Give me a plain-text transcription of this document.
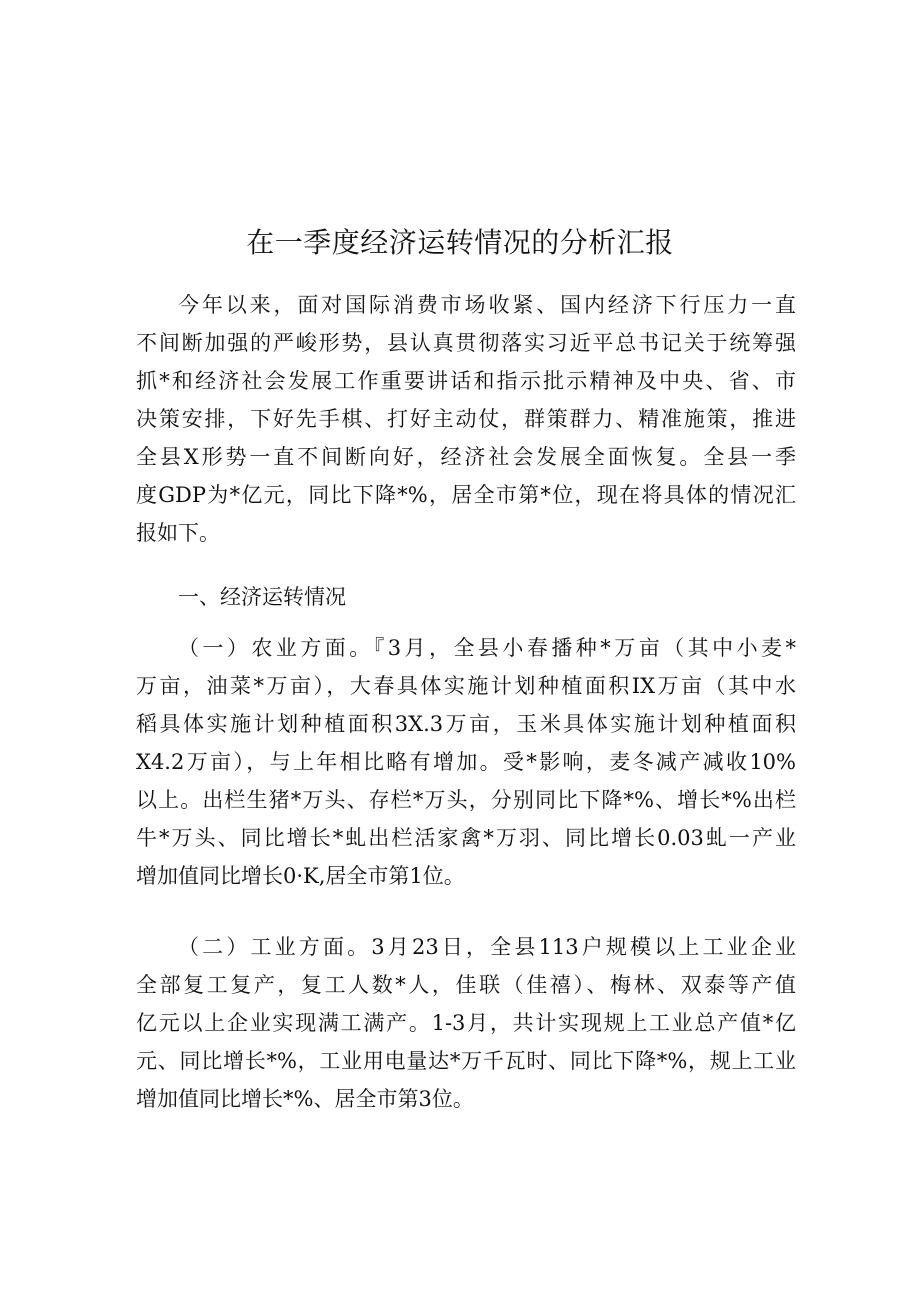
在一季度经济运转情况的分析汇报
今年以来，面对国际消费市场收紧、国内经济下行压力一直
不间断加强的严峻形势，县认真贯彻落实习近平总书记关于统筹强
抓*和经济社会发展工作重要讲话和指示批示精神及中央、省、市
决策安排，下好先手棋、打好主动仗，群策群力、精准施策，推进
全县X形势一直不间断向好，经济社会发展全面恢复。全县一季
度GDP为*亿元，同比下降*%，居全市第*位，现在将具体的情况汇
报如下。
一、经济运转情况
（一）农业方面。『3月，全县小春播种*万亩（其中小麦*
万亩，油菜*万亩），大春具体实施计划种植面积IX万亩（其中水
稻具体实施计划种植面积3X.3万亩，玉米具体实施计划种植面积
X4.2万亩），与上年相比略有增加。受*影响，麦冬减产减收10%
以上。出栏生猪*万头、存栏*万头，分别同比下降*%、增长*%出栏
牛*万头、同比增长*虬出栏活家禽*万羽、同比增长0.03虬一产业
增加值同比增长0·K,居全市第1位。
（二）工业方面。3月23日，全县113户规模以上工业企业
全部复工复产，复工人数*人，佳联（佳禧）、梅林、双泰等产值
亿元以上企业实现满工满产。1-3月，共计实现规上工业总产值*亿
元、同比增长*%，工业用电量达*万千瓦时、同比下降*%，规上工业
增加值同比增长*%、居全市第3位。
